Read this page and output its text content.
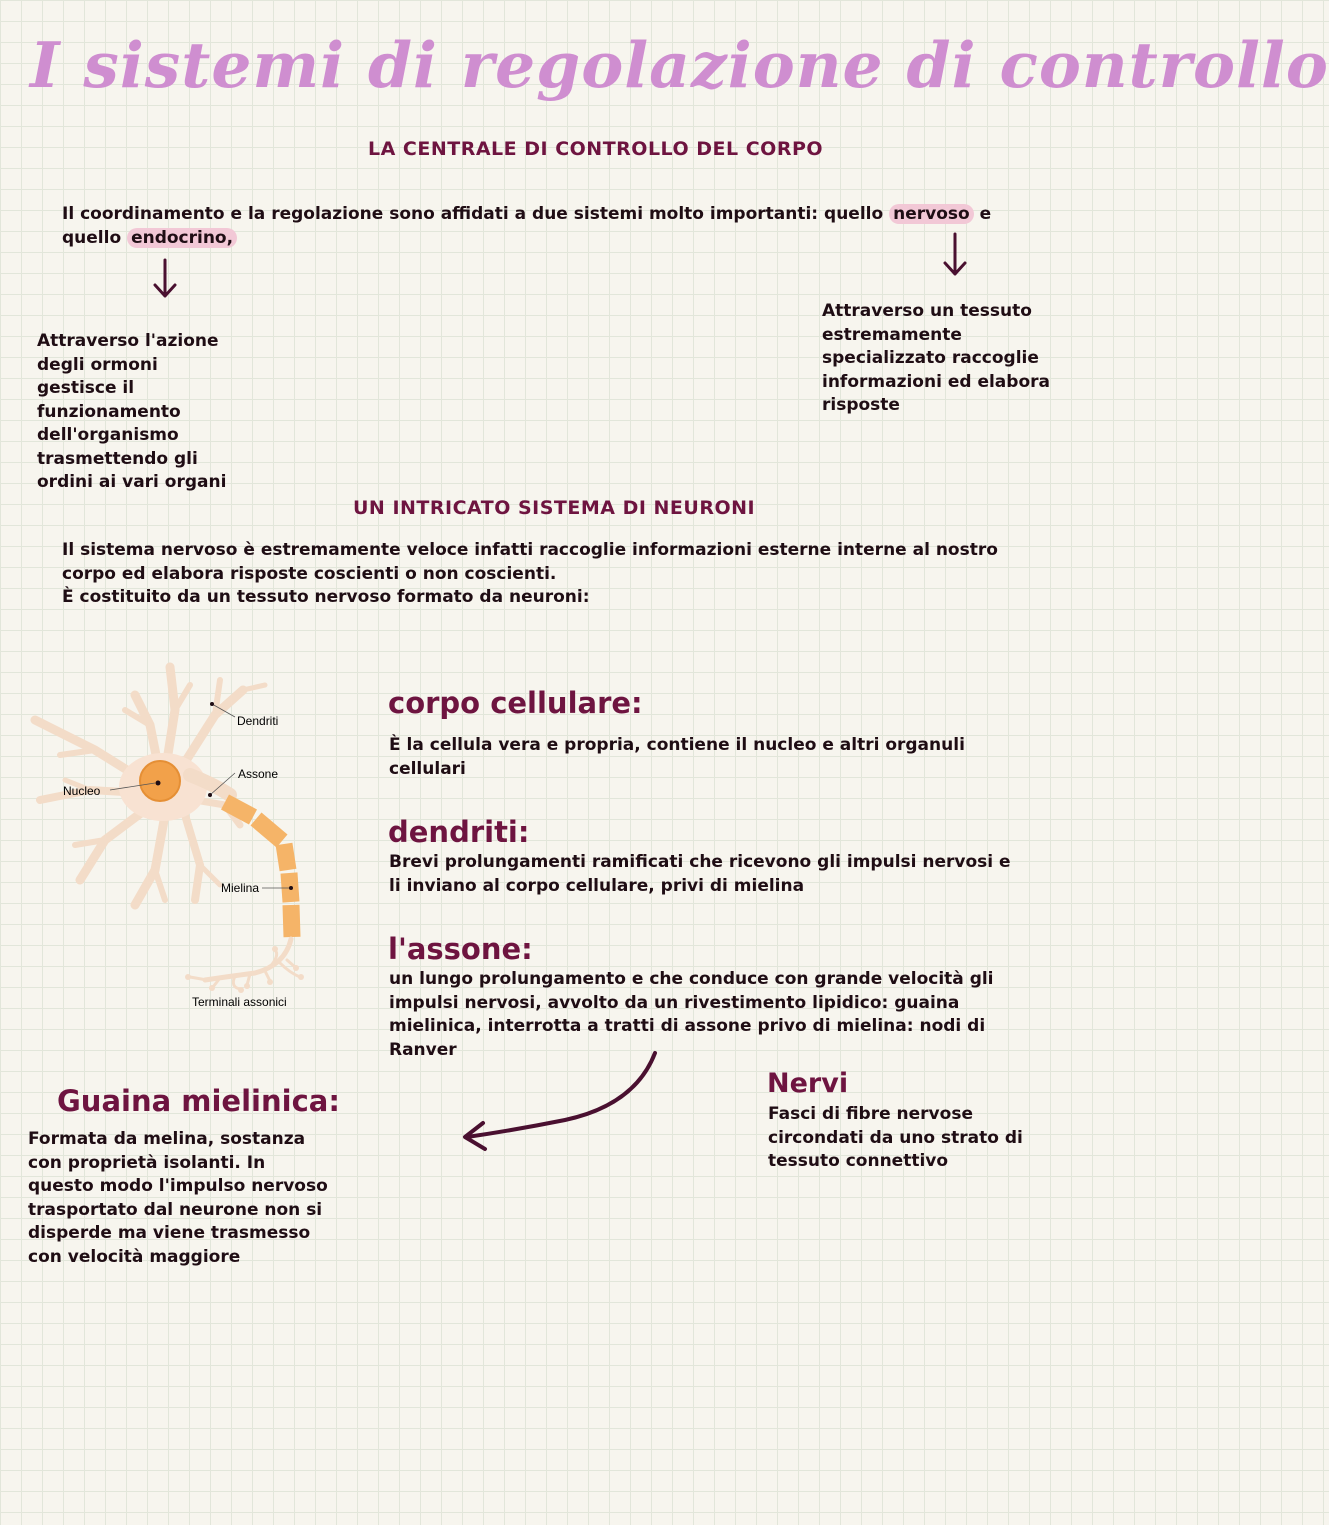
I sistemi di regolazione di controllo
LA CENTRALE DI CONTROLLO DEL CORPO
Il coordinamento e la regolazione sono affidati a due sistemi molto importanti: quello nervoso e
quello endocrino,
Attraverso l'azione
degli ormoni
gestisce il
funzionamento
dell'organismo
trasmettendo gli
ordini ai vari organi
Attraverso un tessuto
estremamente
specializzato raccoglie
informazioni ed elabora
risposte
UN INTRICATO SISTEMA DI NEURONI
Il sistema nervoso è estremamente veloce infatti raccoglie informazioni esterne interne al nostro
corpo ed elabora risposte coscienti o non coscienti.
È costituito da un tessuto nervoso formato da neuroni:
Dendriti
Assone
Nucleo
Mielina
Terminali assonici
corpo cellulare:
È la cellula vera e propria, contiene il nucleo e altri organuli
cellulari
dendriti:
Brevi prolungamenti ramificati che ricevono gli impulsi nervosi e
li inviano al corpo cellulare, privi di mielina
l'assone:
un lungo prolungamento e che conduce con grande velocità gli
impulsi nervosi, avvolto da un rivestimento lipidico: guaina
mielinica, interrotta a tratti di assone privo di mielina: nodi di
Ranver
Nervi
Fasci di fibre nervose
circondati da uno strato di
tessuto connettivo
Guaina mielinica:
Formata da melina, sostanza
con proprietà isolanti. In
questo modo l'impulso nervoso
trasportato dal neurone non si
disperde ma viene trasmesso
con velocità maggiore
